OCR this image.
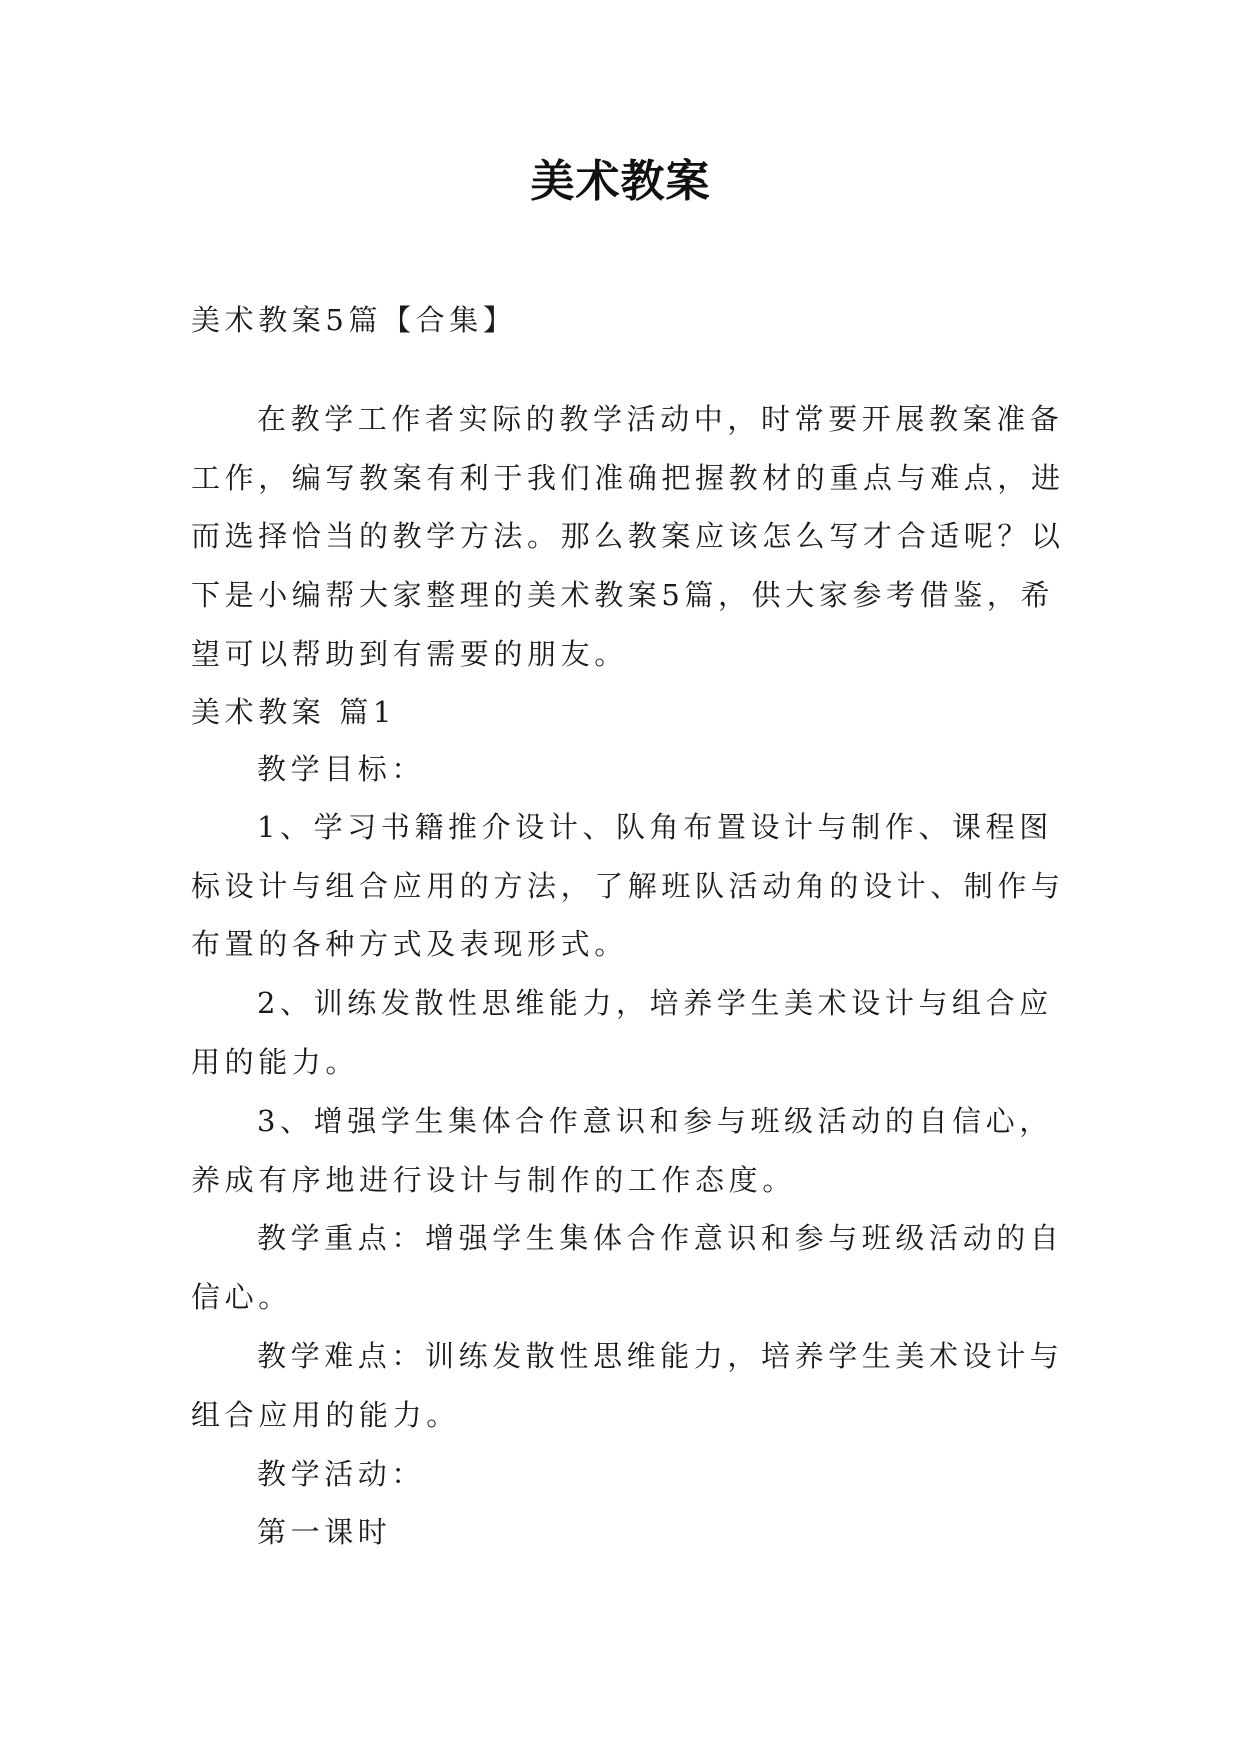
美术教案
美术教案5篇【合集】
在教学工作者实际的教学活动中，时常要开展教案准备
工作，编写教案有利于我们准确把握教材的重点与难点，进
而选择恰当的教学方法。那么教案应该怎么写才合适呢？以
下是小编帮大家整理的美术教案5篇，供大家参考借鉴，希
望可以帮助到有需要的朋友。
美术教案 篇1
教学目标：
1、学习书籍推介设计、队角布置设计与制作、课程图
标设计与组合应用的方法，了解班队活动角的设计、制作与
布置的各种方式及表现形式。
2、训练发散性思维能力，培养学生美术设计与组合应
用的能力。
3、增强学生集体合作意识和参与班级活动的自信心，
养成有序地进行设计与制作的工作态度。
教学重点：增强学生集体合作意识和参与班级活动的自
信心。
教学难点：训练发散性思维能力，培养学生美术设计与
组合应用的能力。
教学活动：
第一课时
